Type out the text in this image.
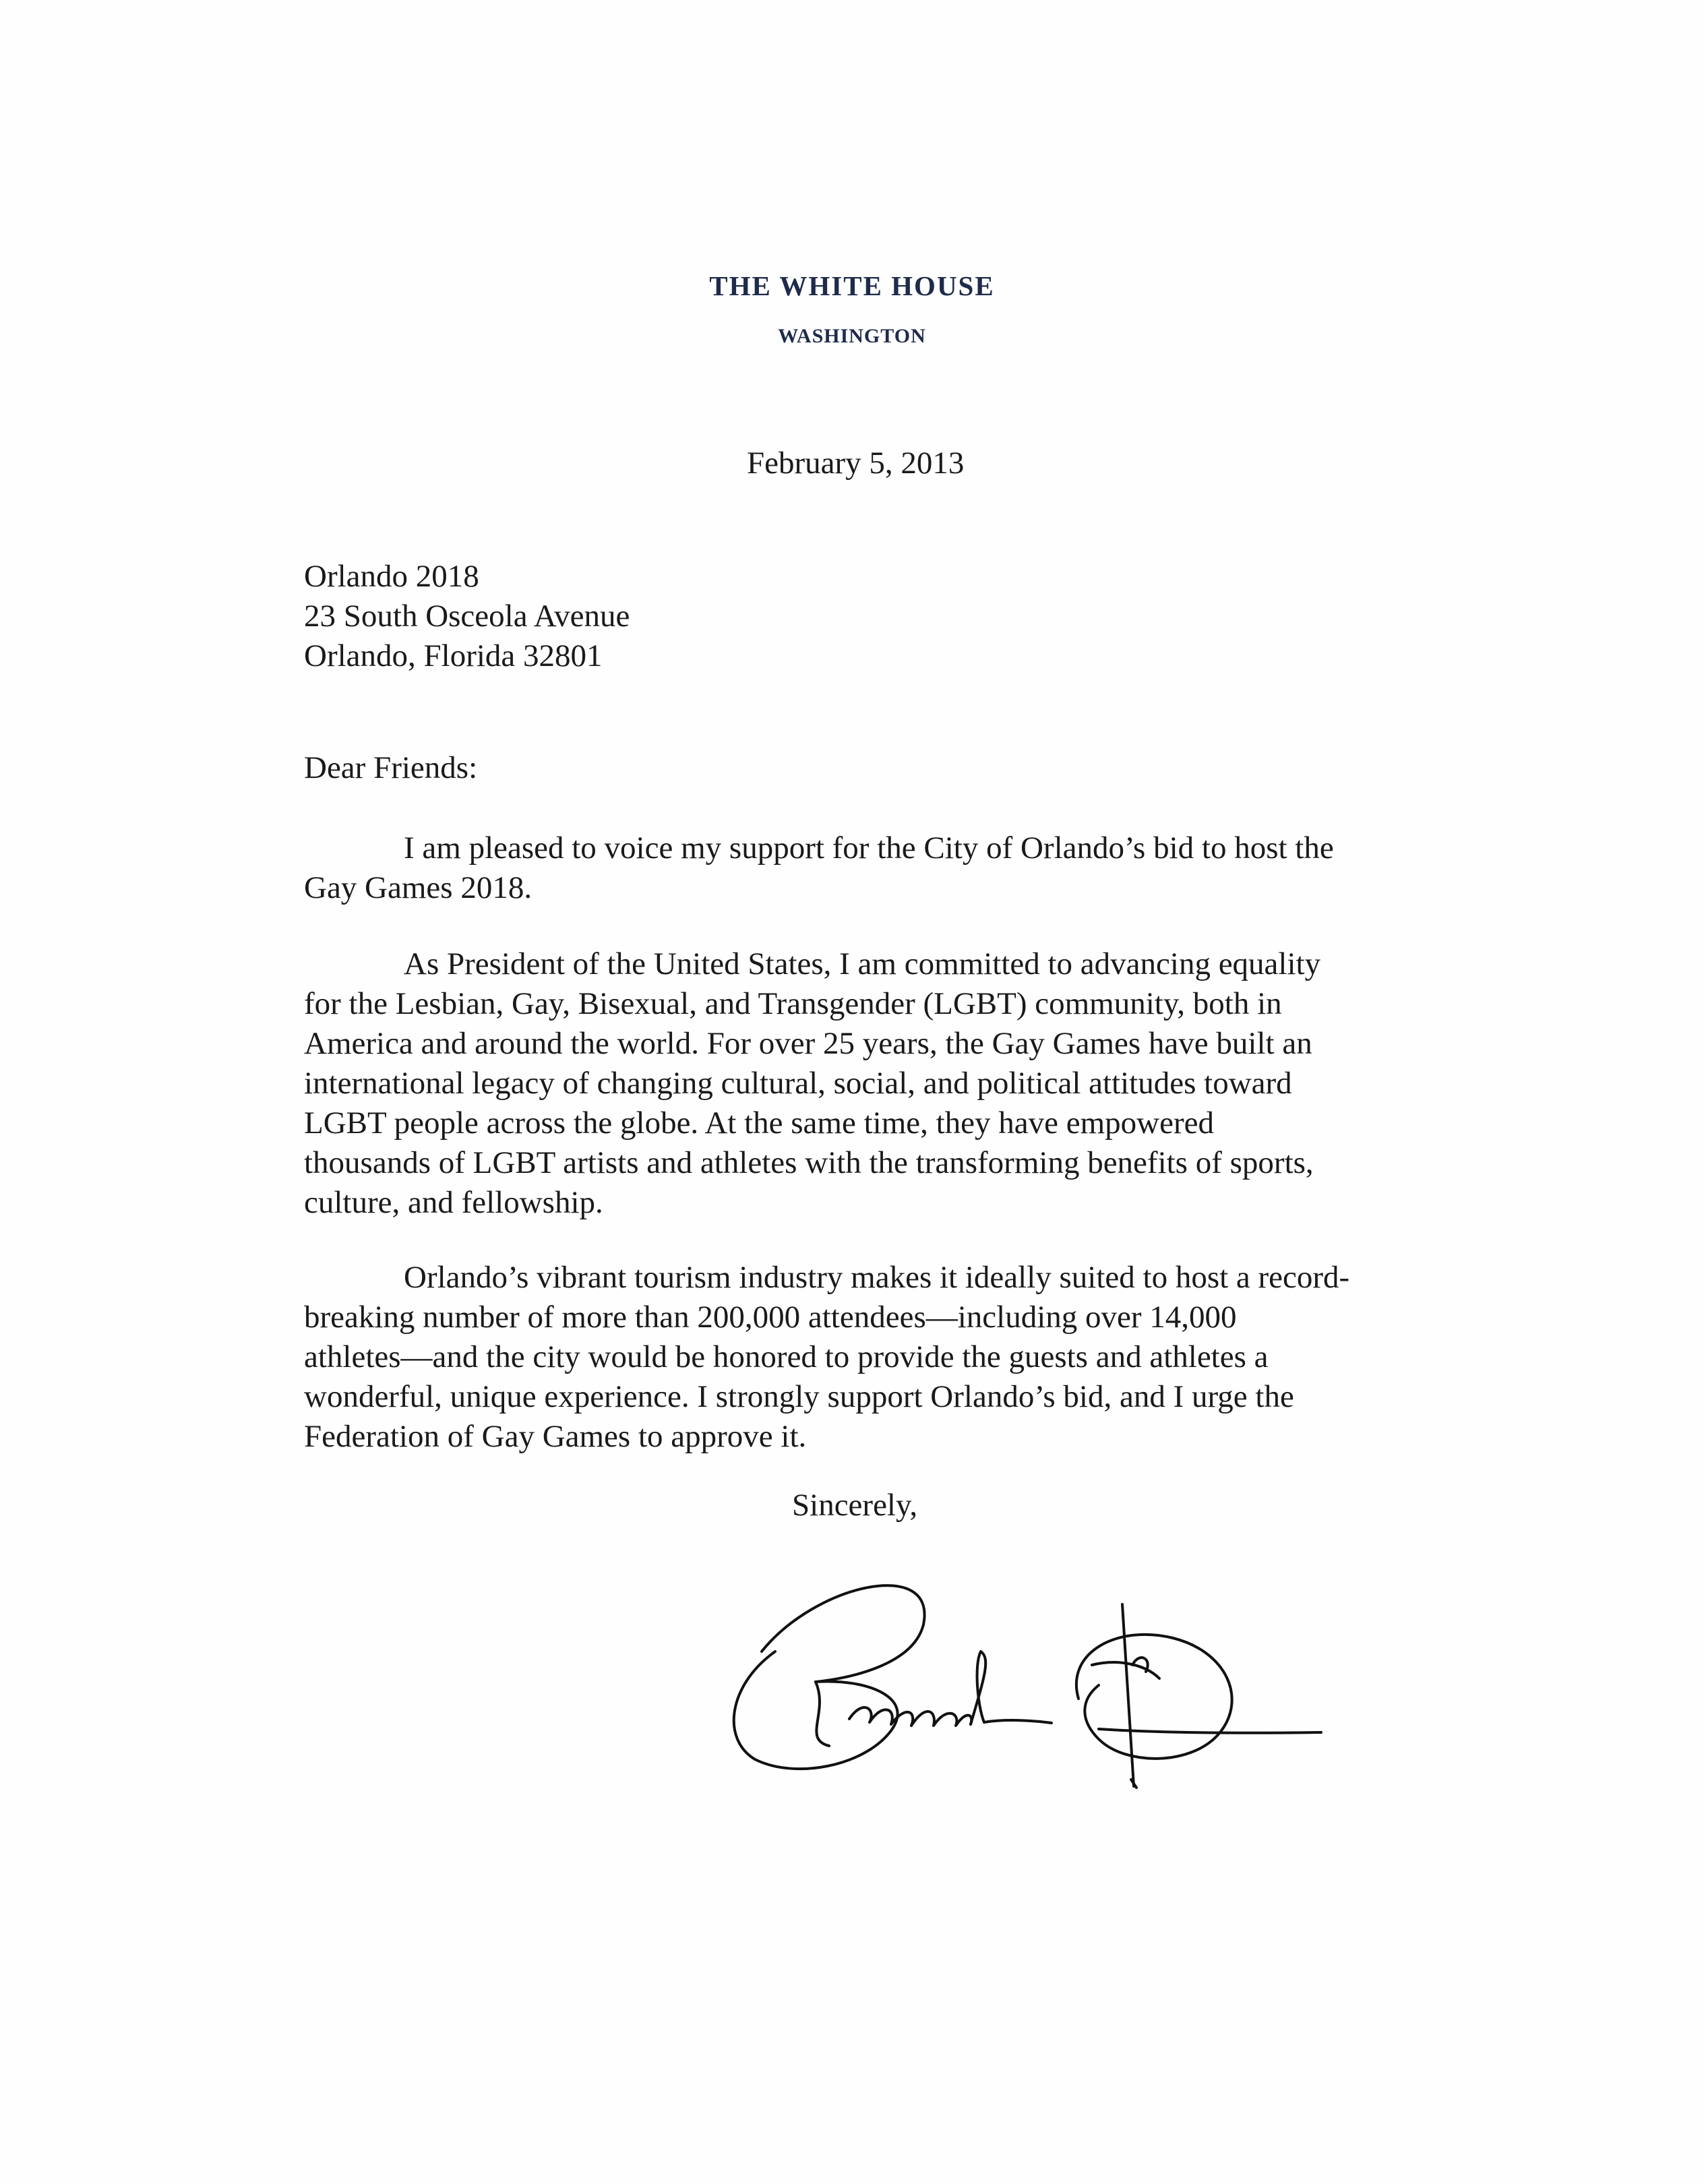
THE WHITE HOUSE
WASHINGTON
February 5, 2013
Orlando 2018
23 South Osceola Avenue
Orlando, Florida 32801
Dear Friends:
I am pleased to voice my support for the City of Orlando’s bid to host the
Gay Games 2018.
As President of the United States, I am committed to advancing equality
for the Lesbian, Gay, Bisexual, and Transgender (LGBT) community, both in
America and around the world. For over 25 years, the Gay Games have built an
international legacy of changing cultural, social, and political attitudes toward
LGBT people across the globe. At the same time, they have empowered
thousands of LGBT artists and athletes with the transforming benefits of sports,
culture, and fellowship.
Orlando’s vibrant tourism industry makes it ideally suited to host a record-
breaking number of more than 200,000 attendees—including over 14,000
athletes—and the city would be honored to provide the guests and athletes a
wonderful, unique experience. I strongly support Orlando’s bid, and I urge the
Federation of Gay Games to approve it.
Sincerely,
